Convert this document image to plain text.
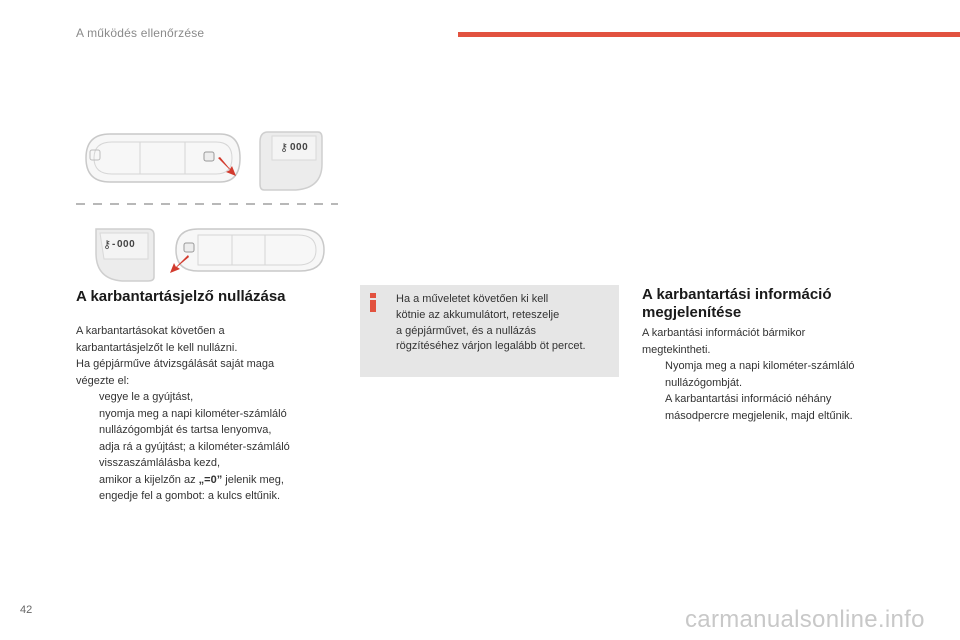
A működés ellenőrzése
⚷ 000
⚷ - 000
A karbantartásjelző nullázása

A karbantartásokat követően a

karbantartásjelzőt le kell nullázni.

Ha gépjárműve átvizsgálását saját maga

végezte el:

vegye le a gyújtást,
nyomja meg a napi kilométer-számláló
nullázógombját és tartsa lenyomva,
adja rá a gyújtást; a kilométer-számláló
visszaszámlálásba kezd,
amikor a kijelzőn az „=0” jelenik meg,
engedje fel a gombot: a kulcs eltűnik.
Ha a műveletet követően ki kell
kötnie az akkumulátort, reteszelje
a gépjárművet, és a nullázás
rögzítéséhez várjon legalább öt percet.
A karbantartási információ
megjelenítése

A karbantási információt bármikor

megtekintheti.

Nyomja meg a napi kilométer-számláló
nullázógombját.
A karbantartási információ néhány
másodpercre megjelenik, majd eltűnik.
42	carmanualsonline.info
